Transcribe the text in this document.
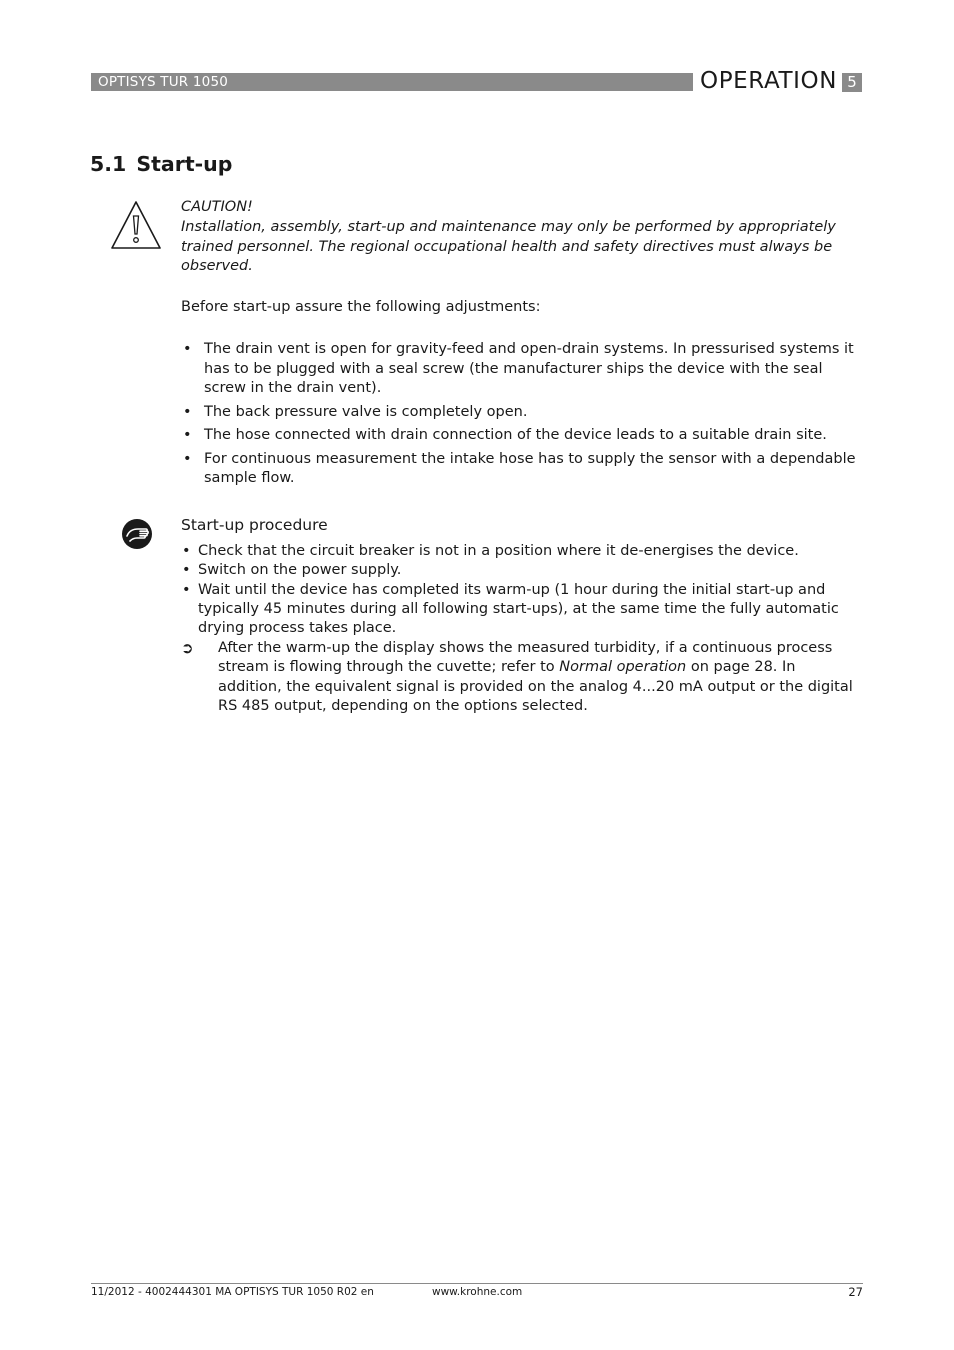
OPTISYS TUR 1050	OPERATION 5
5.1 Start-up
CAUTION!
Installation, assembly, start-up and maintenance may only be performed by appropriately trained personnel. The regional occupational health and safety directives must always be observed.
Before start-up assure the following adjustments:
• The drain vent is open for gravity-feed and open-drain systems. In pressurised systems it has to be plugged with a seal screw (the manufacturer ships the device with the seal screw in the drain vent).
• The back pressure valve is completely open.
• The hose connected with drain connection of the device leads to a suitable drain site.
• For continuous measurement the intake hose has to supply the sensor with a dependable sample flow.
Start-up procedure
• Check that the circuit breaker is not in a position where it de-energises the device.
• Switch on the power supply.
• Wait until the device has completed its warm-up (1 hour during the initial start-up and typically 45 minutes during all following start-ups), at the same time the fully automatic drying process takes place.
➲ After the warm-up the display shows the measured turbidity, if a continuous process stream is flowing through the cuvette; refer to Normal operation on page 28. In addition, the equivalent signal is provided on the analog 4...20 mA output or the digital RS 485 output, depending on the options selected.
11/2012 - 4002444301 MA OPTISYS TUR 1050 R02 en	www.krohne.com	27
